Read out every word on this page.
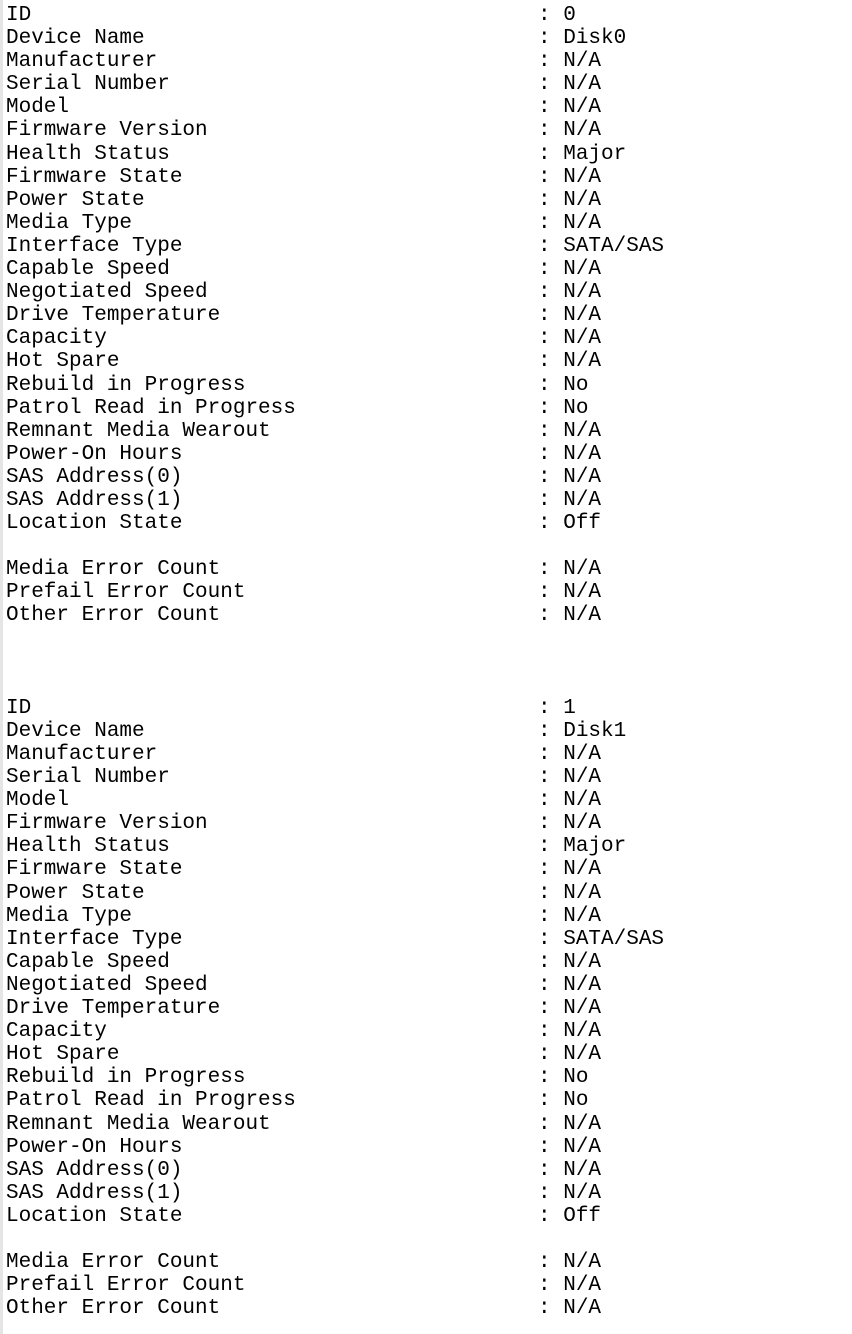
ID	: 0
Device Name	: Disk0
Manufacturer	: N/A
Serial Number	: N/A
Model	: N/A
Firmware Version	: N/A
Health Status	: Major
Firmware State	: N/A
Power State	: N/A
Media Type	: N/A
Interface Type	: SATA/SAS
Capable Speed	: N/A
Negotiated Speed	: N/A
Drive Temperature	: N/A
Capacity	: N/A
Hot Spare	: N/A
Rebuild in Progress	: No
Patrol Read in Progress	: No
Remnant Media Wearout	: N/A
Power-On Hours	: N/A
SAS Address(0)	: N/A
SAS Address(1)	: N/A
Location State	: Off
Media Error Count	: N/A
Prefail Error Count	: N/A
Other Error Count	: N/A
ID	: 1
Device Name	: Disk1
Manufacturer	: N/A
Serial Number	: N/A
Model	: N/A
Firmware Version	: N/A
Health Status	: Major
Firmware State	: N/A
Power State	: N/A
Media Type	: N/A
Interface Type	: SATA/SAS
Capable Speed	: N/A
Negotiated Speed	: N/A
Drive Temperature	: N/A
Capacity	: N/A
Hot Spare	: N/A
Rebuild in Progress	: No
Patrol Read in Progress	: No
Remnant Media Wearout	: N/A
Power-On Hours	: N/A
SAS Address(0)	: N/A
SAS Address(1)	: N/A
Location State	: Off
Media Error Count	: N/A
Prefail Error Count	: N/A
Other Error Count	: N/A
